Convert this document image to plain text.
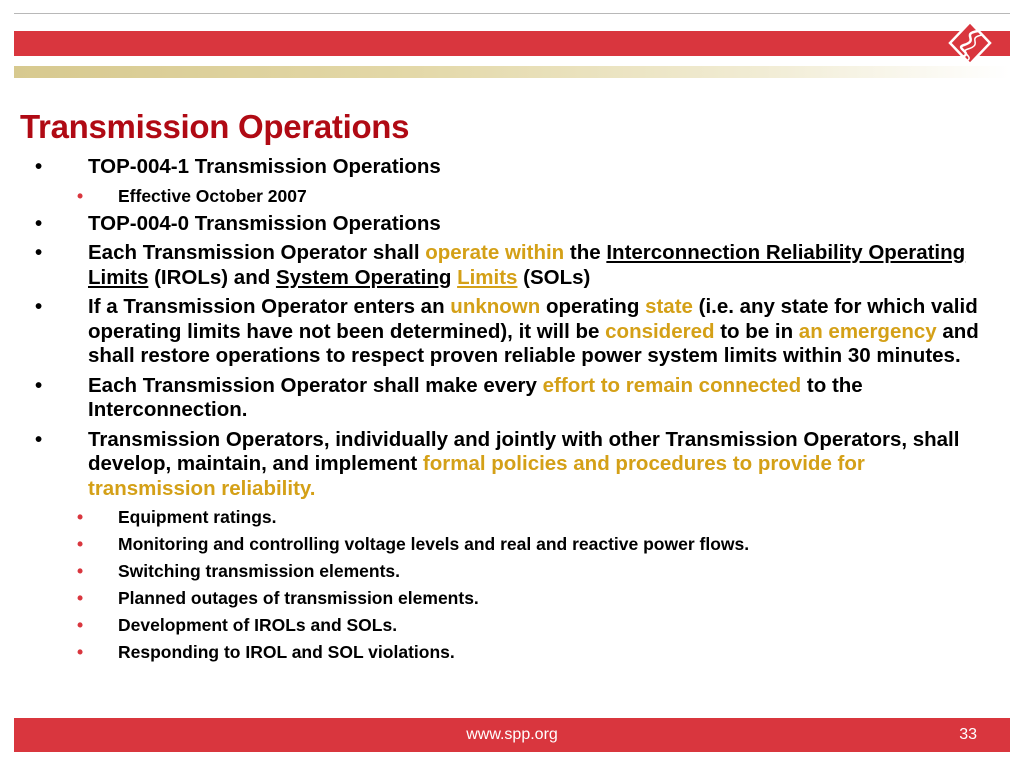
Transmission Operations
• TOP-004-1 Transmission Operations
• Effective October 2007
• TOP-004-0 Transmission Operations
• Each Transmission Operator shall operate within the Interconnection Reliability Operating Limits (IROLs) and System Operating Limits (SOLs)
• If a Transmission Operator enters an unknown operating state (i.e. any state for which valid operating limits have not been determined), it will be considered to be in an emergency and shall restore operations to respect proven reliable power system limits within 30 minutes.
• Each Transmission Operator shall make every effort to remain connected to the Interconnection.
• Transmission Operators, individually and jointly with other Transmission Operators, shall develop, maintain, and implement formal policies and procedures to provide for transmission reliability.
• Equipment ratings.
• Monitoring and controlling voltage levels and real and reactive power flows.
• Switching transmission elements.
• Planned outages of transmission elements.
• Development of IROLs and SOLs.
• Responding to IROL and SOL violations.
www.spp.org	33
